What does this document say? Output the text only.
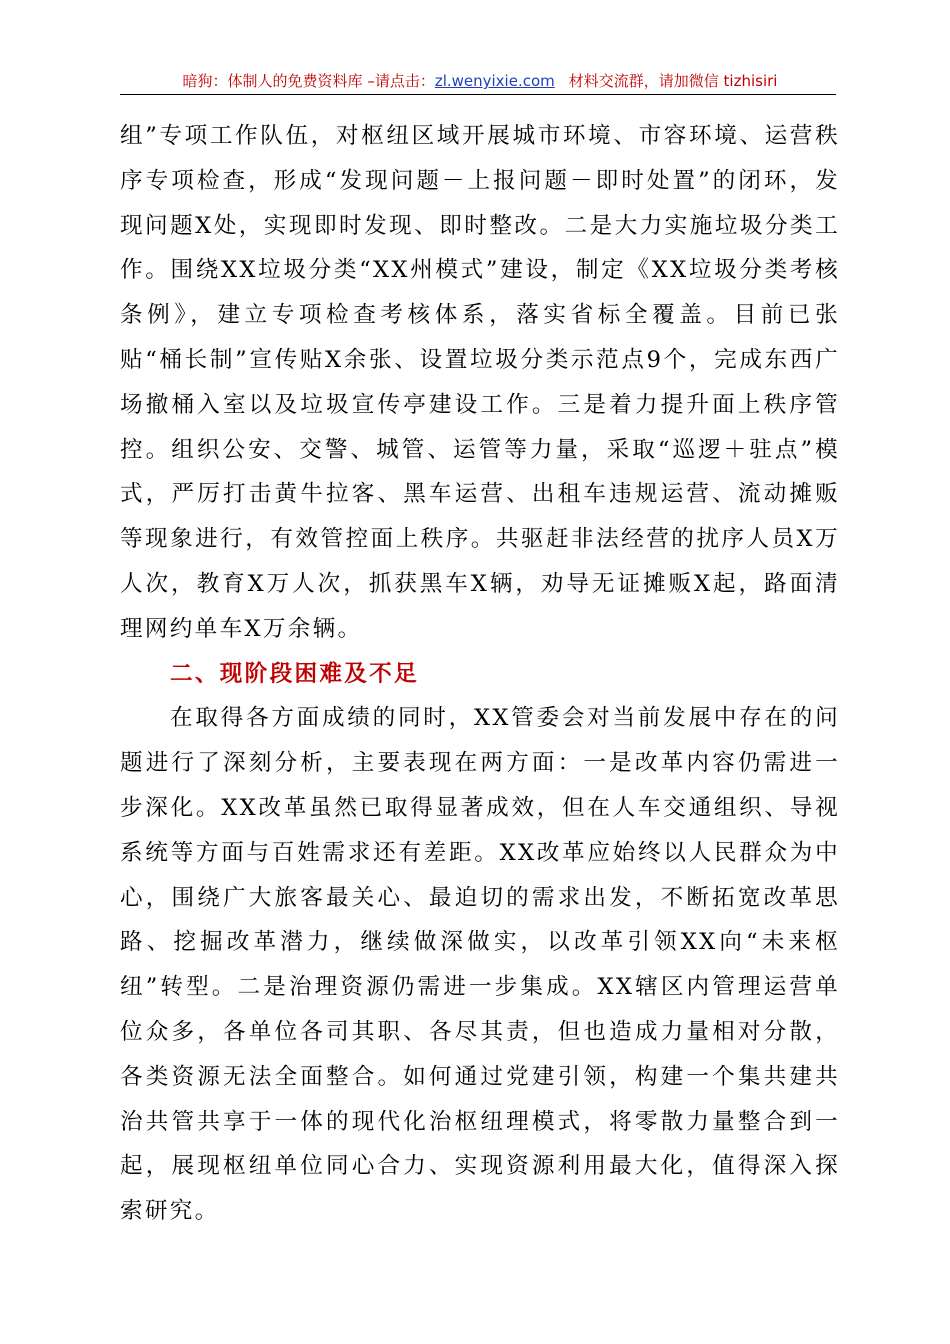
暗狗：体制人的免费资料库 –请点击：zl.wenyixie.com 材料交流群，请加微信 tizhisiri

组”专项工作队伍，对枢纽区域开展城市环境、市容环境、运营秩序专项检查，形成“发现问题－上报问题－即时处置”的闭环，发现问题X处，实现即时发现、即时整改。二是大力实施垃圾分类工作。围绕XX垃圾分类“XX州模式”建设，制定《XX垃圾分类考核条例》，建立专项检查考核体系，落实省标全覆盖。目前已张贴“桶长制”宣传贴X余张、设置垃圾分类示范点9个，完成东西广场撤桶入室以及垃圾宣传亭建设工作。三是着力提升面上秩序管控。组织公安、交警、城管、运管等力量，采取“巡逻＋驻点”模式，严厉打击黄牛拉客、黑车运营、出租车违规运营、流动摊贩等现象进行，有效管控面上秩序。共驱赶非法经营的扰序人员X万人次，教育X万人次，抓获黑车X辆，劝导无证摊贩X起，路面清理网约单车X万余辆。

二、现阶段困难及不足

在取得各方面成绩的同时，XX管委会对当前发展中存在的问题进行了深刻分析，主要表现在两方面：一是改革内容仍需进一步深化。XX改革虽然已取得显著成效，但在人车交通组织、导视系统等方面与百姓需求还有差距。XX改革应始终以人民群众为中心，围绕广大旅客最关心、最迫切的需求出发，不断拓宽改革思路、挖掘改革潜力，继续做深做实，以改革引领XX向“未来枢纽”转型。二是治理资源仍需进一步集成。XX辖区内管理运营单位众多，各单位各司其职、各尽其责，但也造成力量相对分散，各类资源无法全面整合。如何通过党建引领，构建一个集共建共治共管共享于一体的现代化治枢纽理模式，将零散力量整合到一起，展现枢纽单位同心合力、实现资源利用最大化，值得深入探索研究。
